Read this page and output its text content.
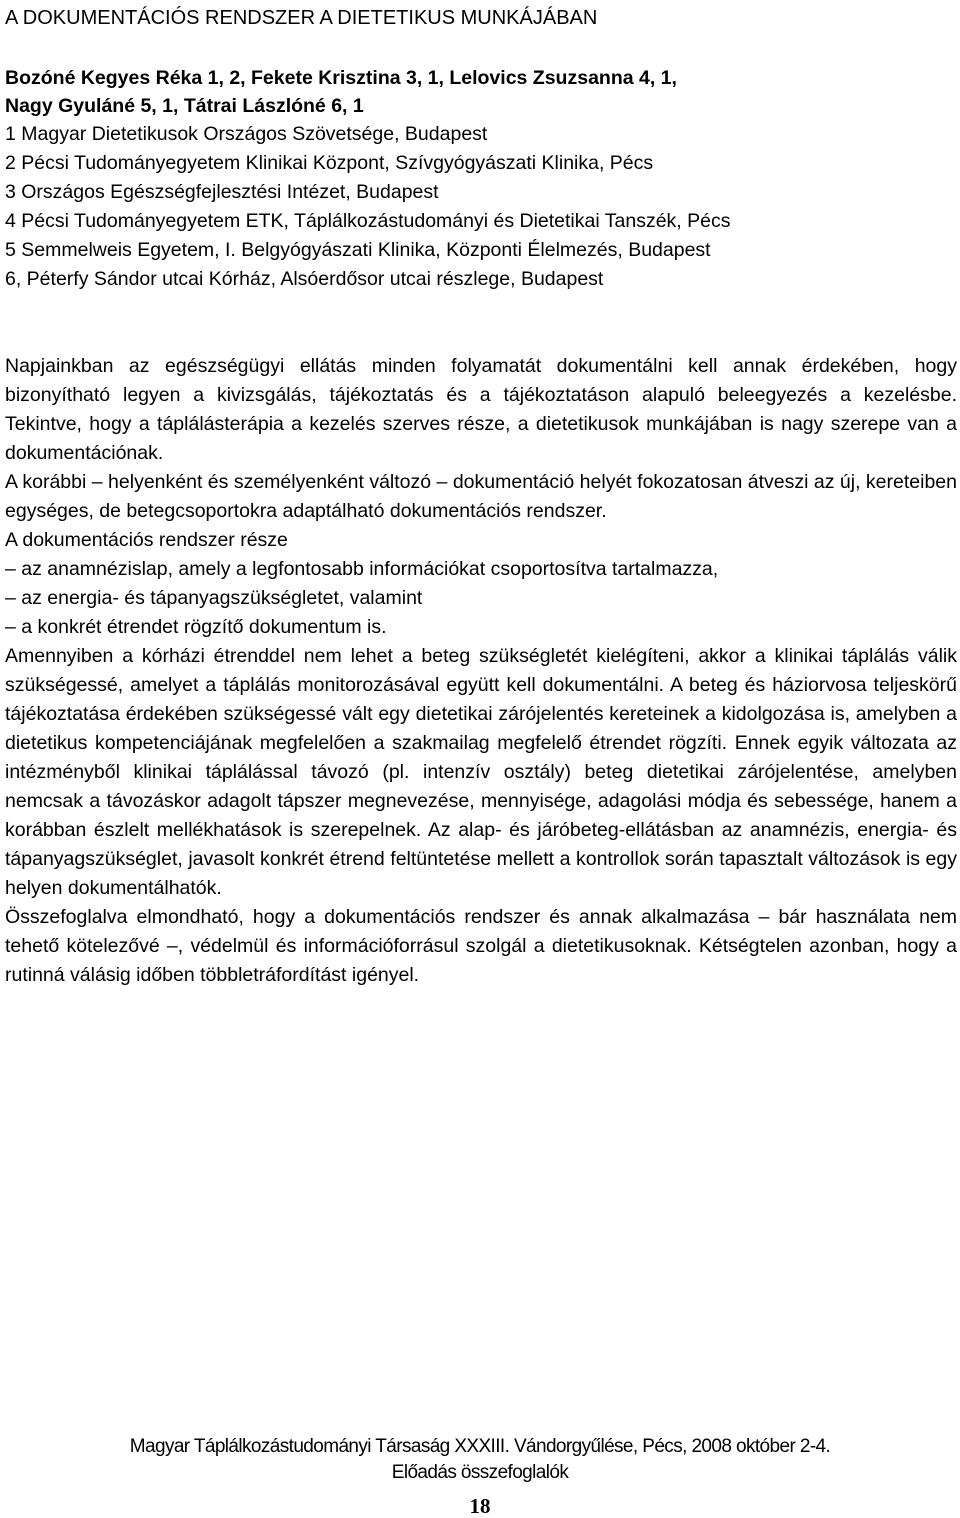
A DOKUMENTÁCIÓS RENDSZER A DIETETIKUS MUNKÁJÁBAN
Bozóné Kegyes Réka 1, 2, Fekete Krisztina 3, 1, Lelovics Zsuzsanna 4, 1,
Nagy Gyuláné 5, 1, Tátrai Lászlóné 6, 1
1 Magyar Dietetikusok Országos Szövetsége, Budapest
2 Pécsi Tudományegyetem Klinikai Központ, Szívgyógyászati Klinika, Pécs
3 Országos Egészségfejlesztési Intézet, Budapest
4 Pécsi Tudományegyetem ETK, Táplálkozástudományi és Dietetikai Tanszék, Pécs
5 Semmelweis Egyetem, I. Belgyógyászati Klinika, Központi Élelmezés, Budapest
6, Péterfy Sándor utcai Kórház, Alsóerdősor utcai részlege, Budapest

Napjainkban az egészségügyi ellátás minden folyamatát dokumentálni kell annak érdekében, hogy bizonyítható legyen a kivizsgálás, tájékoztatás és a tájékoztatáson alapuló beleegyezés a kezelésbe. Tekintve, hogy a táplálásterápia a kezelés szerves része, a dietetikusok munkájában is nagy szerepe van a dokumentációnak.

A korábbi – helyenként és személyenként változó – dokumentáció helyét fokozatosan átveszi az új, kereteiben egységes, de betegcsoportokra adaptálható dokumentációs rendszer.

A dokumentációs rendszer része

– az anamnézislap, amely a legfontosabb információkat csoportosítva tartalmazza,
– az energia- és tápanyagszükségletet, valamint
– a konkrét étrendet rögzítő dokumentum is.

Amennyiben a kórházi étrenddel nem lehet a beteg szükségletét kielégíteni, akkor a klinikai táplálás válik szükségessé, amelyet a táplálás monitorozásával együtt kell dokumentálni. A beteg és háziorvosa teljeskörű tájékoztatása érdekében szükségessé vált egy dietetikai zárójelentés kereteinek a kidolgozása is, amelyben a dietetikus kompetenciájának megfelelően a szakmailag megfelelő étrendet rögzíti. Ennek egyik változata az intézményből klinikai táplálással távozó (pl. intenzív osztály) beteg dietetikai zárójelentése, amelyben nemcsak a távozáskor adagolt tápszer megnevezése, mennyisége, adagolási módja és sebessége, hanem a korábban észlelt mellékhatások is szerepelnek. Az alap- és járóbeteg-ellátásban az anamnézis, energia- és tápanyagszükséglet, javasolt konkrét étrend feltüntetése mellett a kontrollok során tapasztalt változások is egy helyen dokumentálhatók.

Összefoglalva elmondható, hogy a dokumentációs rendszer és annak alkalmazása – bár használata nem tehető kötelezővé –, védelmül és információforrásul szolgál a dietetikusoknak. Kétségtelen azonban, hogy a rutinná válásig időben többletráfordítást igényel.

Magyar Táplálkozástudományi Társaság XXXIII. Vándorgyűlése, Pécs, 2008 október 2-4.
Előadás összefoglalók
18
